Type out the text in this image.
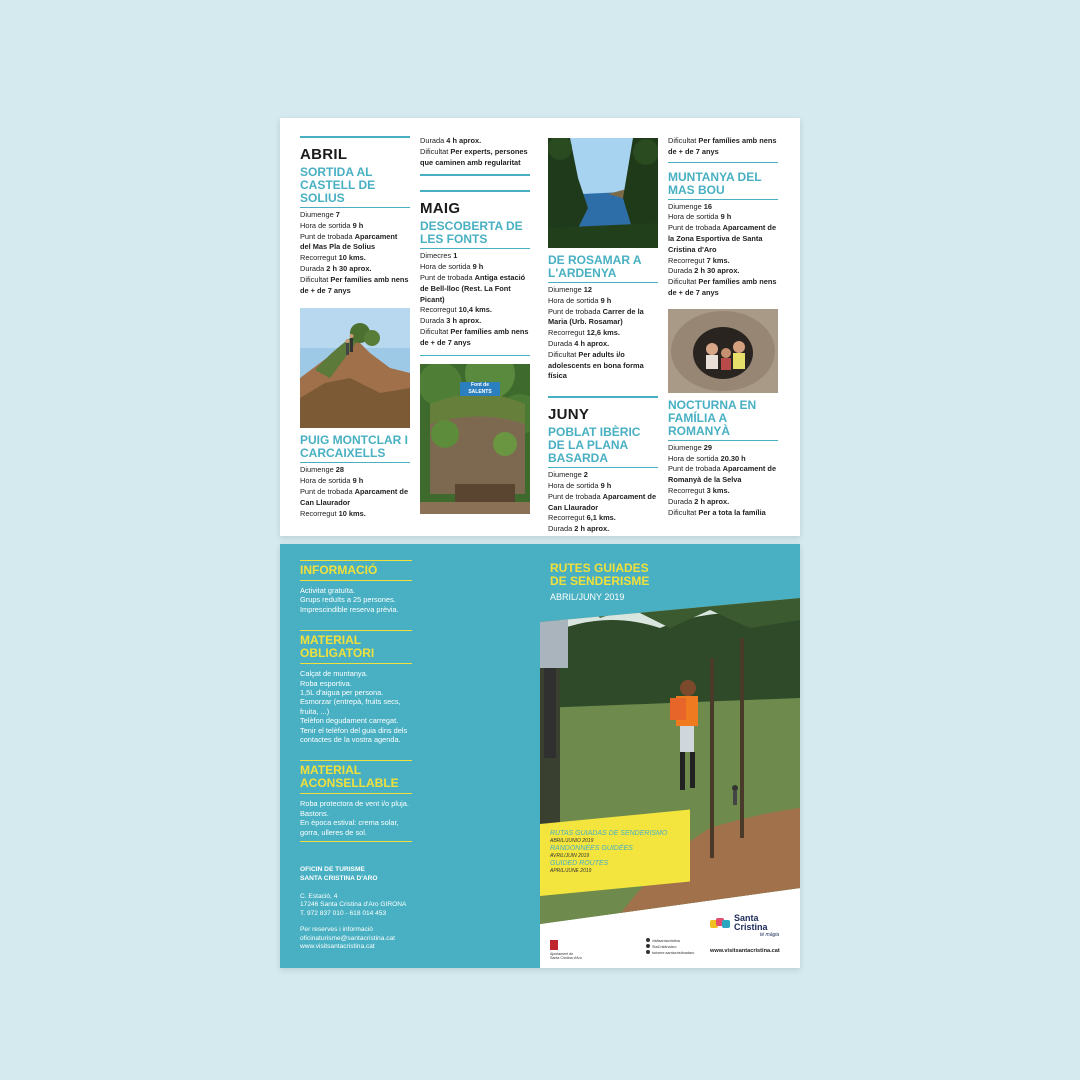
ABRIL
SORTIDA AL CASTELL DE SOLIUS
Diumenge 7
Hora de sortida 9 h
Punt de trobada Aparcament del Mas Pla de Solius
Recorregut 10 kms.
Durada 2 h 30 aprox.
Dificultat Per famílies amb nens de + de 7 anys
PUIG MONTCLAR I CARCAIXELLS
Diumenge 28
Hora de sortida 9 h
Punt de trobada Aparcament de Can Llaurador
Recorregut 10 kms.
Durada 4 h aprox.
Dificultat Per experts, persones que caminen amb regularitat
MAIG
DESCOBERTA DE LES FONTS
Dimecres 1
Hora de sortida 9 h
Punt de trobada Antiga estació de Bell-lloc (Rest. La Font Picant)
Recorregut 10,4 kms.
Durada 3 h aprox.
Dificultat Per famílies amb nens de + de 7 anys
Font de SALENTS
DE ROSAMAR A L'ARDENYA
Diumenge 12
Hora de sortida 9 h
Punt de trobada Carrer de la Maria (Urb. Rosamar)
Recorregut 12,6 kms.
Durada 4 h aprox.
Dificultat Per adults i/o adolescents en bona forma física
JUNY
POBLAT IBÈRIC DE LA PLANA BASARDA
Diumenge 2
Hora de sortida 9 h
Punt de trobada Aparcament de Can Llaurador
Recorregut 6,1 kms.
Durada 2 h aprox.
Dificultat Per famílies amb nens de + de 7 anys
MUNTANYA DEL MAS BOU
Diumenge 16
Hora de sortida 9 h
Punt de trobada Aparcament de la Zona Esportiva de Santa Cristina d'Aro
Recorregut 7 kms.
Durada 2 h 30 aprox.
Dificultat Per famílies amb nens de + de 7 anys
NOCTURNA EN FAMÍLIA A ROMANYÀ
Diumenge 29
Hora de sortida 20.30 h
Punt de trobada Aparcament de Romanyà de la Selva
Recorregut 3 kms.
Durada 2 h aprox.
Dificultat Per a tota la família
INFORMACIÓ
Activitat gratuïta.
Grups reduïts a 25 persones.
Imprescindible reserva prèvia.
MATERIAL
OBLIGATORI
Calçat de muntanya.
Roba esportiva.
1,5L d'aigua per persona.
Esmorzar (entrepà, fruits secs,
fruita, ...)
Telèfon degudament carregat.
Tenir el telèfon del guia dins dels
contactes de la vostra agenda.
MATERIAL
ACONSELLABLE
Roba protectora de vent i/o pluja.
Bastons.
En època estival: crema solar,
gorra, ulleres de sol.
OFICIN DE TURISME
SANTA CRISTINA D'ARO
C. Estació, 4
17246 Santa Cristina d'Aro GIRONA
T. 972 837 010 - 618 014 453
Per reserves i informació
oficinaturisme@santacristina.cat
www.visitsantacristina.cat
RUTES GUIADES
DE SENDERISME
ABRIL/JUNY 2019
RUTAS GUIADAS DE SENDERISMO
ABRIL/JUNIO 2019
RANDONNÉES GUIDÉES
AVRIL/JUIN 2019
GUIDED ROUTES
APRIL/JUNE 2019
Ajuntament de
Santa Cristina d'Aro
visitsantacristina
StaCristinaAro
turisme.santacristinadaro
Santa
Cristina
té màgia
www.visitsantacristina.cat
